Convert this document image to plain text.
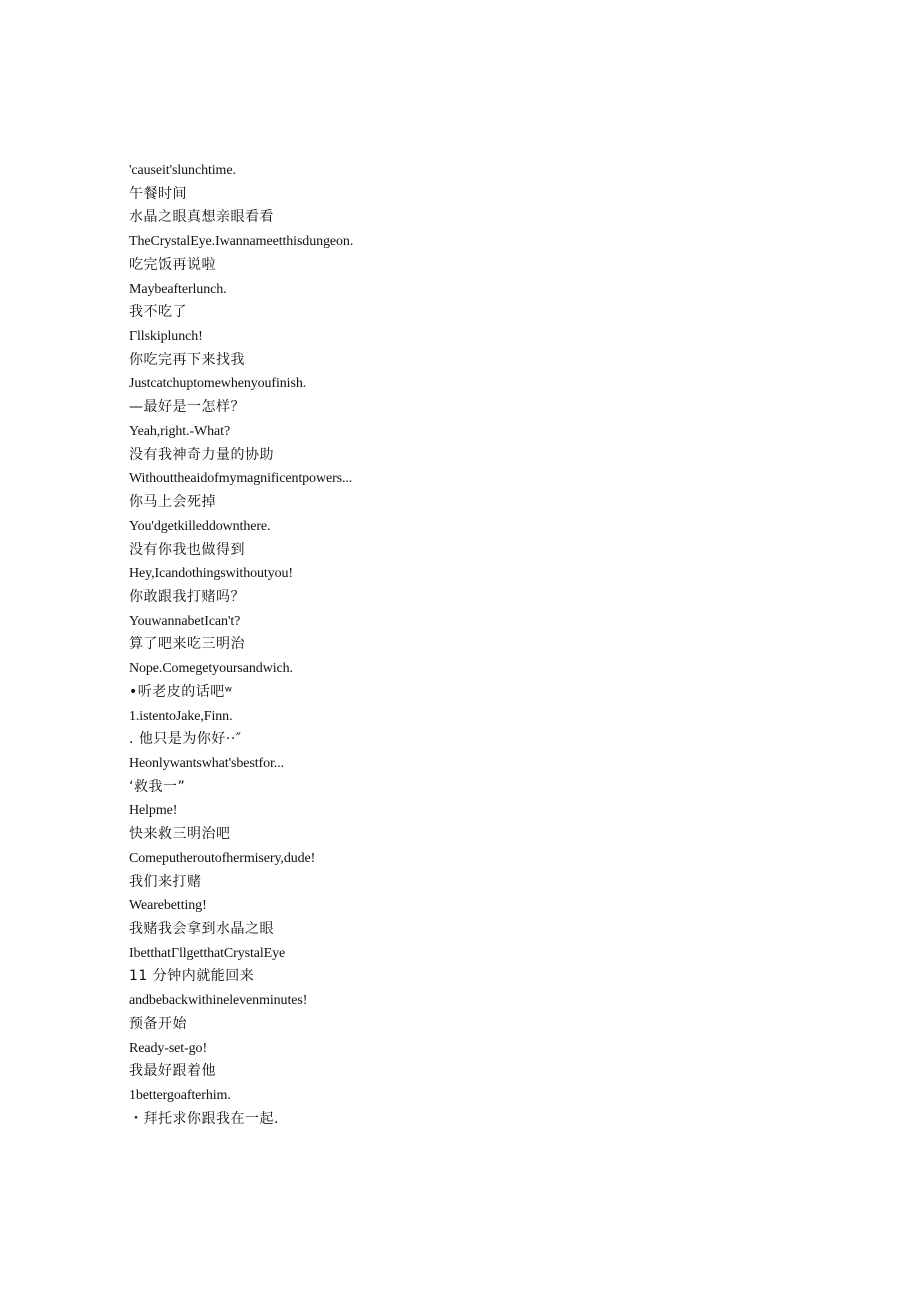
'causeit'slunchtime.
午餐时间
水晶之眼真想亲眼看看
TheCrystalEye.Iwannameetthisdungeon.
吃完饭再说啦
Maybeafterlunch.
我不吃了
Γllskiplunch!
你吃完再下来找我
Justcatchuptomewhenyoufinish.
—最好是一怎样？
Yeah,right.-What?
没有我神奇力量的协助
Withouttheaidofmymagnificentpowers...
你马上会死掉
You'dgetkilleddownthere.
没有你我也做得到
Hey,Icandothingswithoutyou!
你敢跟我打赌吗？
YouwannabetIcan't?
算了吧来吃三明治
Nope.Comegetyoursandwich.
•听老皮的话吧ʷ
1.istentoJake,Finn.
. 他只是为你好··″
Heonlywantswhat'sbestfor...
‘救我一”
Helpme!
快来救三明治吧
Comeputheroutofhermisery,dude!
我们来打赌
Wearebetting!
我赌我会拿到水晶之眼
IbetthatΓllgetthatCrystalEye
11 分钟内就能回来
andbebackwithinelevenminutes!
预备开始
Ready-set-go!
我最好跟着他
1bettergoafterhim.
・拜托求你跟我在一起.
